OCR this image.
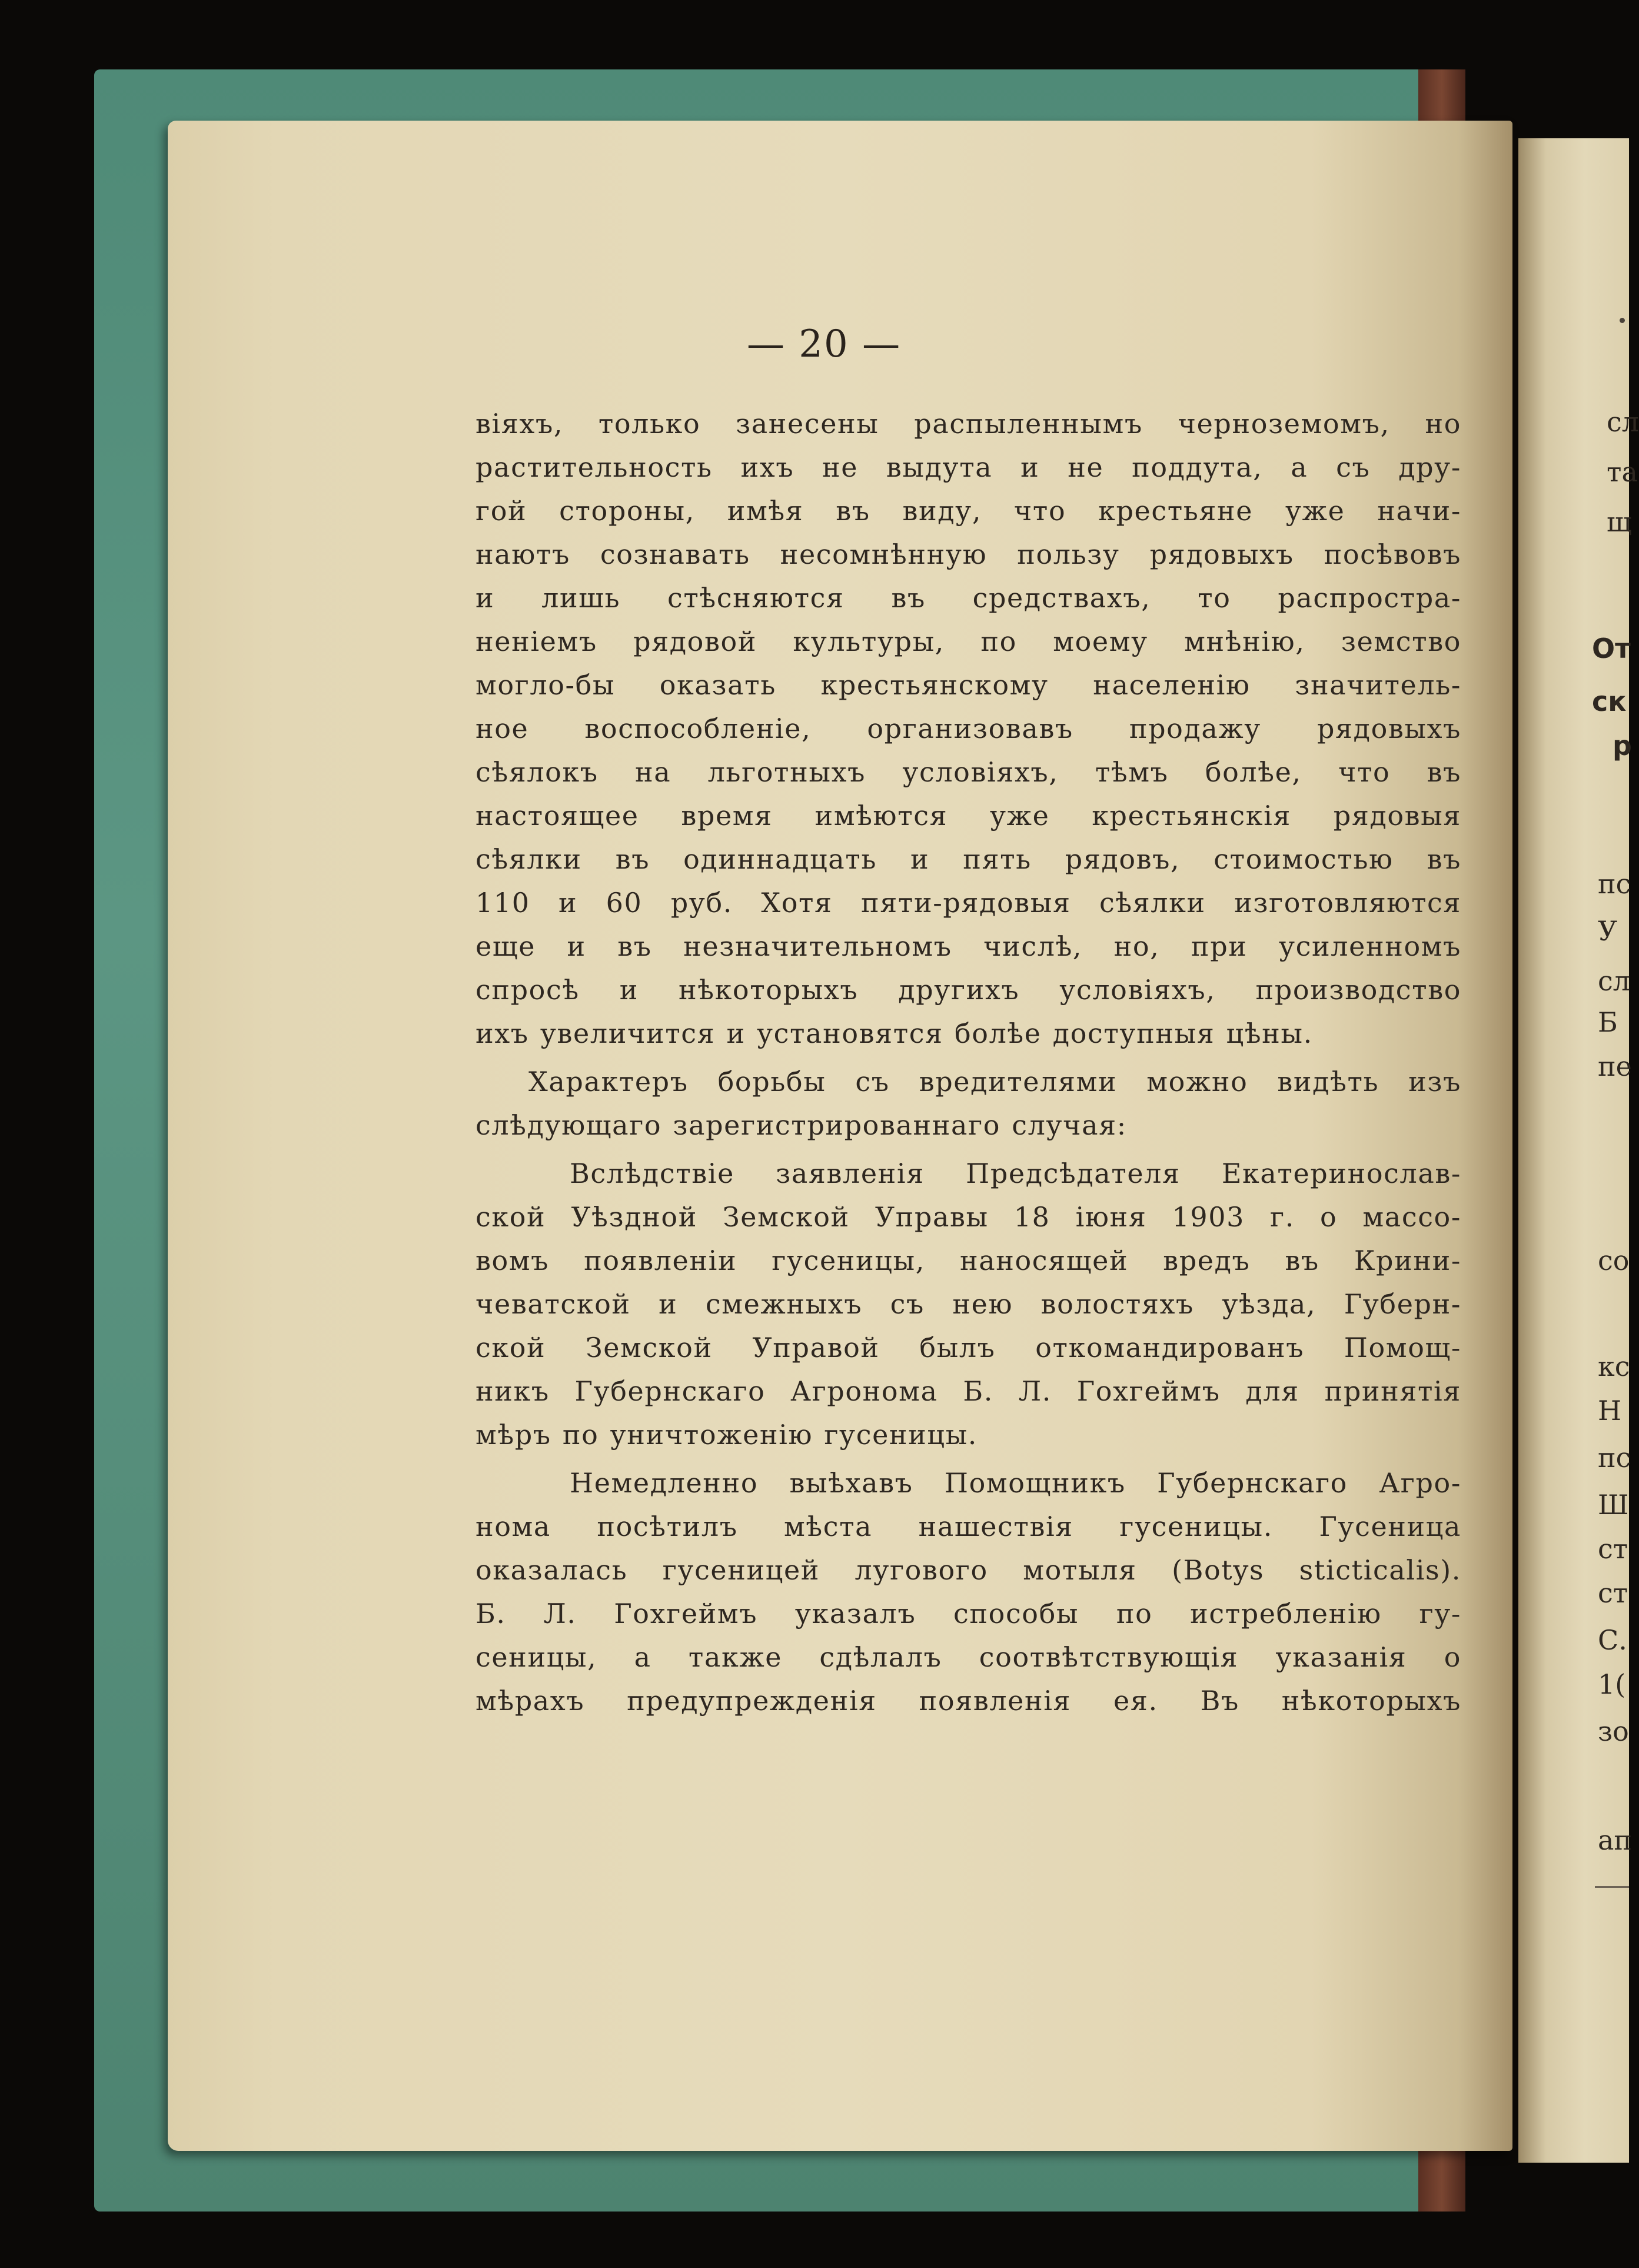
сл
та
щ
От
ск
р
пс
У
сл
Б
пе
со
кс
Н
пс
Ш
ст
ст
С.
1(
зо
ап
— 20 —
віяхъ, только занесены распыленнымъ черноземомъ, но
растительность ихъ не выдута и не поддута, а съ дру-
гой стороны, имѣя въ виду, что крестьяне уже начи-
наютъ сознавать несомнѣнную пользу рядовыхъ посѣвовъ
и лишь стѣсняются въ средствахъ, то распростра-
неніемъ рядовой культуры, по моему мнѣнію, земство
могло-бы оказать крестьянскому населенію значитель-
ное воспособленіе, организовавъ продажу рядовыхъ
сѣялокъ на льготныхъ условіяхъ, тѣмъ болѣе, что въ
настоящее время имѣются уже крестьянскія рядовыя
сѣялки въ одиннадцать и пять рядовъ, стоимостью въ
110 и 60 руб. Хотя пяти-рядовыя сѣялки изготовляются
еще и въ незначительномъ числѣ, но, при усиленномъ
спросѣ и нѣкоторыхъ другихъ условіяхъ, производство
ихъ увеличится и установятся болѣе доступныя цѣны.
Характеръ борьбы съ вредителями можно видѣть изъ
слѣдующаго зарегистрированнаго случая:
Вслѣдствіе заявленія Предсѣдателя Екатеринослав-
ской Уѣздной Земской Управы 18 іюня 1903 г. о массо-
вомъ появленіи гусеницы, наносящей вредъ въ Крини-
чеватской и смежныхъ съ нею волостяхъ уѣзда, Губерн-
ской Земской Управой былъ откомандированъ Помощ-
никъ Губернскаго Агронома Б. Л. Гохгеймъ для принятія
мѣръ по уничтоженію гусеницы.
Немедленно выѣхавъ Помощникъ Губернскаго Агро-
нома посѣтилъ мѣста нашествія гусеницы. Гусеница
оказалась гусеницей лугового мотыля (Botys sticticalis).
Б. Л. Гохгеймъ указалъ способы по истребленію гу-
сеницы, а также сдѣлалъ соотвѣтствующія указанія о
мѣрахъ предупрежденія появленія ея. Въ нѣкоторыхъ
